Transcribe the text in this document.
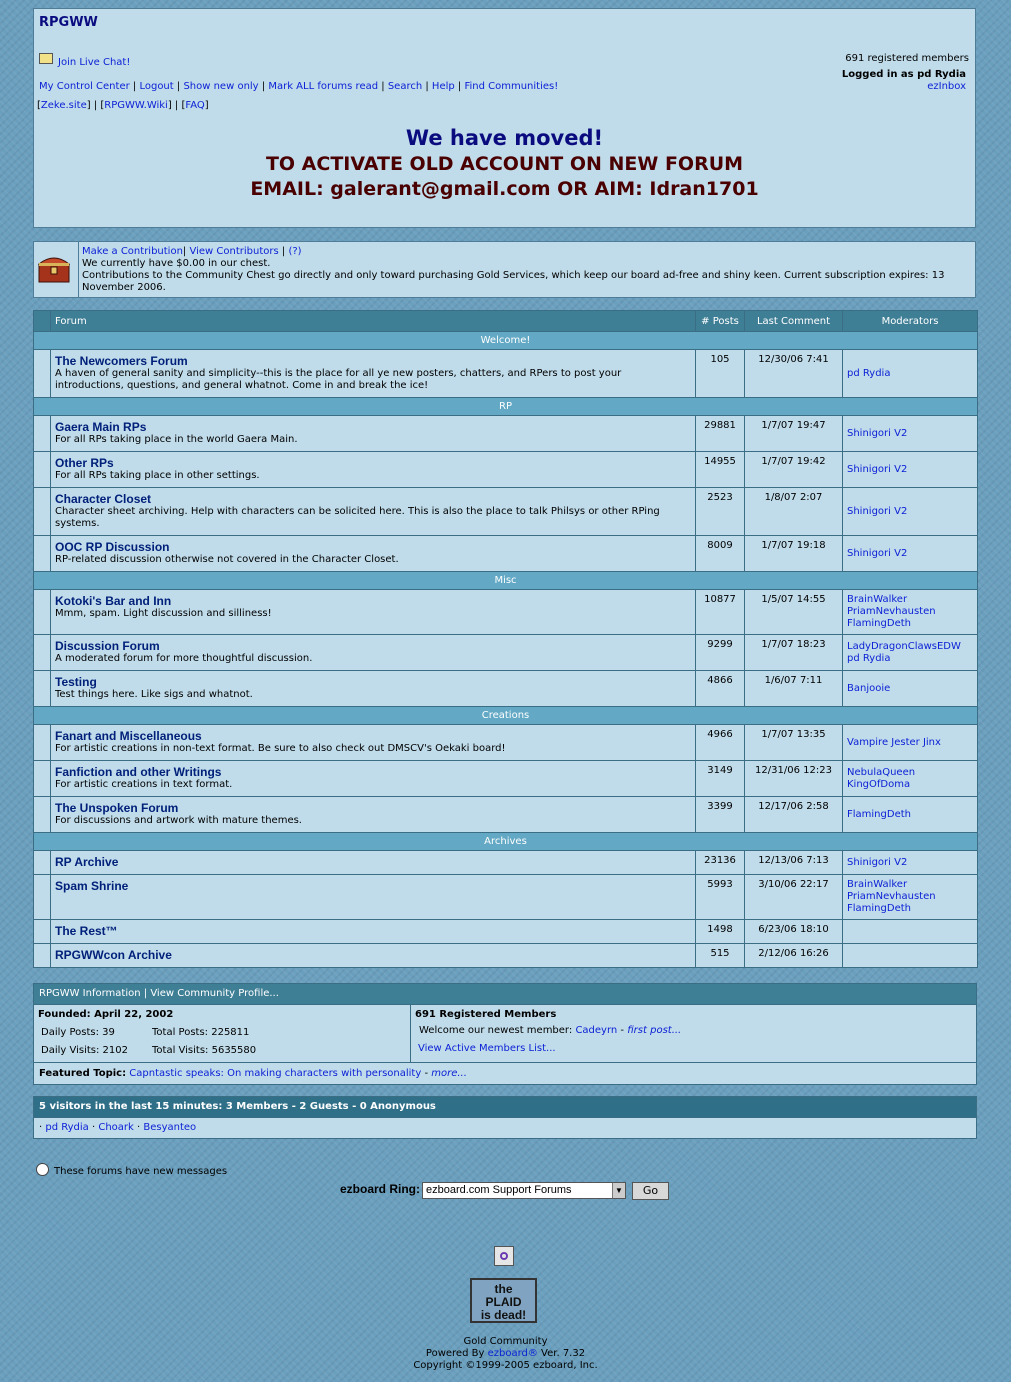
RPGWW
Join Live Chat!	691 registered members
Logged in as pd Rydia
ezInbox
My Control Center | Logout | Show new only | Mark ALL forums read | Search | Help | Find Communities!
[Zeke.site] | [RPGWW.Wiki] | [FAQ]
We have moved!
TO ACTIVATE OLD ACCOUNT ON NEW FORUM
EMAIL: galerant@gmail.com OR AIM: Idran1701
Make a Contribution| View Contributors | (?)
We currently have $0.00 in our chest.
Contributions to the Community Chest go directly and only toward purchasing Gold Services, which keep our board ad-free and shiny keen. Current subscription expires: 13 November 2006.
	Forum	# Posts	Last Comment	Moderators
Welcome!				

	The Newcomers Forum
A haven of general sanity and simplicity--this is the place for all ye new posters, chatters, and RPers to post your introductions, questions, and general whatnot. Come in and break the ice!	105	12/30/06 7:41	pd Rydia

RP				

	Gaera Main RPs
For all RPs taking place in the world Gaera Main.	29881	1/7/07 19:47	Shinigori V2

	Other RPs
For all RPs taking place in other settings.	14955	1/7/07 19:42	Shinigori V2

	Character Closet
Character sheet archiving. Help with characters can be solicited here. This is also the place to talk Philsys or other RPing systems.	2523	1/8/07 2:07	Shinigori V2

	OOC RP Discussion
RP-related discussion otherwise not covered in the Character Closet.	8009	1/7/07 19:18	Shinigori V2

Misc				

	Kotoki's Bar and Inn
Mmm, spam. Light discussion and silliness!	10877	1/5/07 14:55	BrainWalker
PriamNevhausten
FlamingDeth

	Discussion Forum
A moderated forum for more thoughtful discussion.	9299	1/7/07 18:23	LadyDragonClawsEDW
pd Rydia

	Testing
Test things here. Like sigs and whatnot.	4866	1/6/07 7:11	Banjooie

Creations				

	Fanart and Miscellaneous
For artistic creations in non-text format. Be sure to also check out DMSCV's Oekaki board!	4966	1/7/07 13:35	Vampire Jester Jinx

	Fanfiction and other Writings
For artistic creations in text format.	3149	12/31/06 12:23	NebulaQueen
KingOfDoma

	The Unspoken Forum
For discussions and artwork with mature themes.	3399	12/17/06 2:58	FlamingDeth

Archives				

	RP Archive	23136	12/13/06 7:13	Shinigori V2

	Spam Shrine	5993	3/10/06 22:17	BrainWalker
PriamNevhausten
FlamingDeth

	The Rest™	1498	6/23/06 18:10	

	RPGWWcon Archive	515	2/12/06 16:26	
RPGWW Information | View Community Profile...
Founded: April 22, 2002
Daily Posts: 39	Total Posts: 225811
Daily Visits: 2102 Total Visits: 5635580
691 Registered Members
Welcome our newest member: Cadeyrn - first post...
View Active Members List...
Featured Topic: Capntastic speaks: On making characters with personality - more...
5 visitors in the last 15 minutes: 3 Members - 2 Guests - 0 Anonymous
· pd Rydia · Choark · Besyanteo
These forums have new messages
ezboard Ring: ezboard.com Support Forums	▼	Go
the
PLAID
is dead!
Gold Community
Powered By ezboard® Ver. 7.32
Copyright ©1999-2005 ezboard, Inc.
